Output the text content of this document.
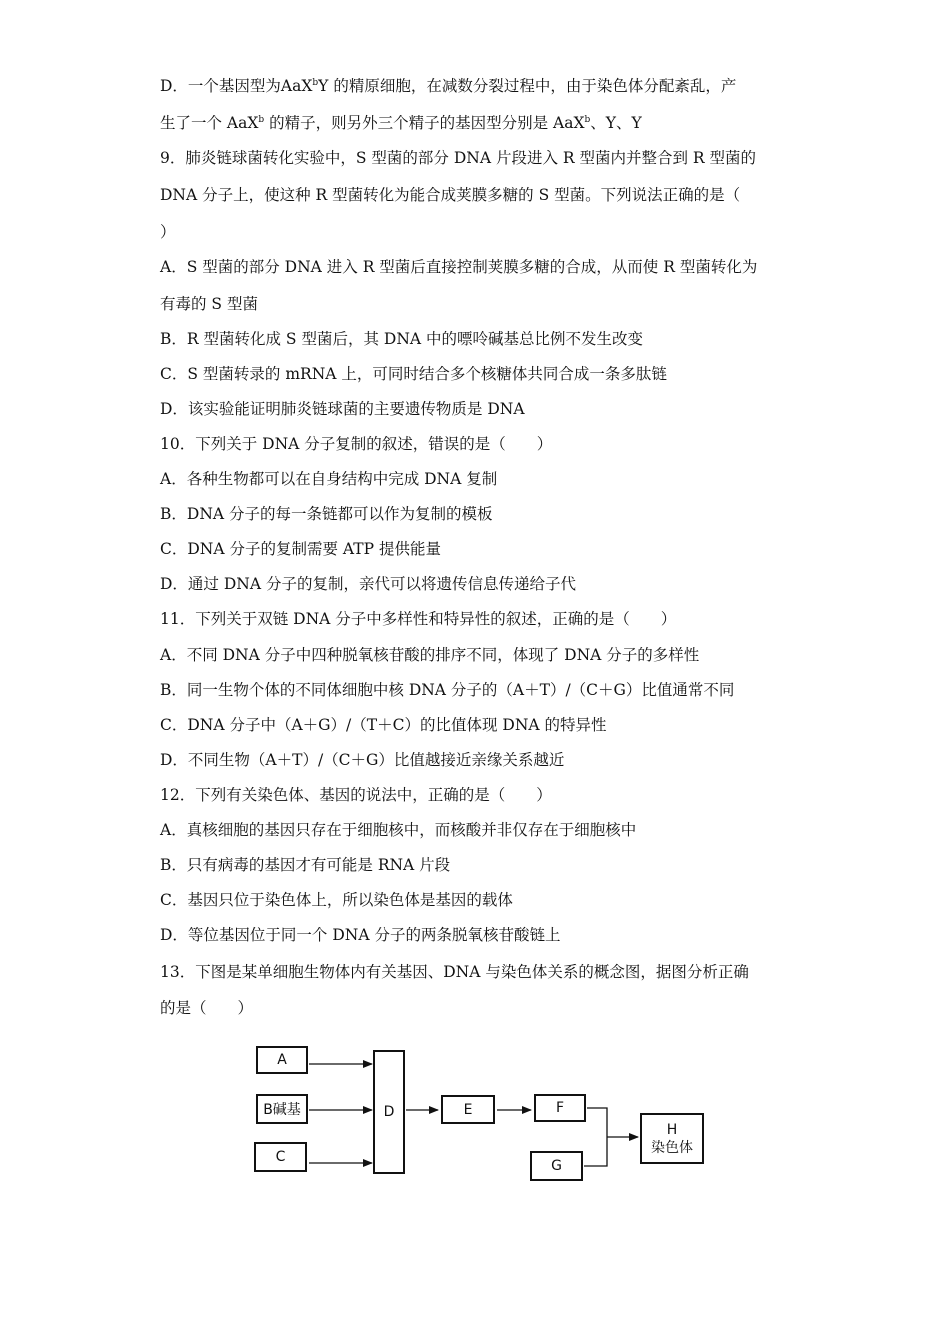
D．一个基因型为AaX$^b$Y 的精原细胞，在减数分裂过程中，由于染色体分配紊乱，产
生了一个 AaX$^b$ 的精子，则另外三个精子的基因型分别是 AaX$^b$、Y、Y
9．肺炎链球菌转化实验中，S 型菌的部分 DNA 片段进入 R 型菌内并整合到 R 型菌的
DNA 分子上，使这种 R 型菌转化为能合成荚膜多糖的 S 型菌。下列说法正确的是（
）
A．S 型菌的部分 DNA 进入 R 型菌后直接控制荚膜多糖的合成，从而使 R 型菌转化为
有毒的 S 型菌
B．R 型菌转化成 S 型菌后，其 DNA 中的嘌呤碱基总比例不发生改变
C．S 型菌转录的 mRNA 上，可同时结合多个核糖体共同合成一条多肽链
D．该实验能证明肺炎链球菌的主要遗传物质是 DNA
10．下列关于 DNA 分子复制的叙述，错误的是（　　）
A．各种生物都可以在自身结构中完成 DNA 复制
B．DNA 分子的每一条链都可以作为复制的模板
C．DNA 分子的复制需要 ATP 提供能量
D．通过 DNA 分子的复制，亲代可以将遗传信息传递给子代
11．下列关于双链 DNA 分子中多样性和特异性的叙述，正确的是（　　）
A．不同 DNA 分子中四种脱氧核苷酸的排序不同，体现了 DNA 分子的多样性
B．同一生物个体的不同体细胞中核 DNA 分子的（A＋T）/（C＋G）比值通常不同
C．DNA 分子中（A＋G）/（T＋C）的比值体现 DNA 的特异性
D．不同生物（A＋T）/（C＋G）比值越接近亲缘关系越近
12．下列有关染色体、基因的说法中，正确的是（　　）
A．真核细胞的基因只存在于细胞核中，而核酸并非仅存在于细胞核中
B．只有病毒的基因才有可能是 RNA 片段
C．基因只位于染色体上，所以染色体是基因的载体
D．等位基因位于同一个 DNA 分子的两条脱氧核苷酸链上
13．下图是某单细胞生物体内有关基因、DNA 与染色体关系的概念图，据图分析正确
的是（　　）
A
B碱基
C
D	E	F
G
H
染色体
